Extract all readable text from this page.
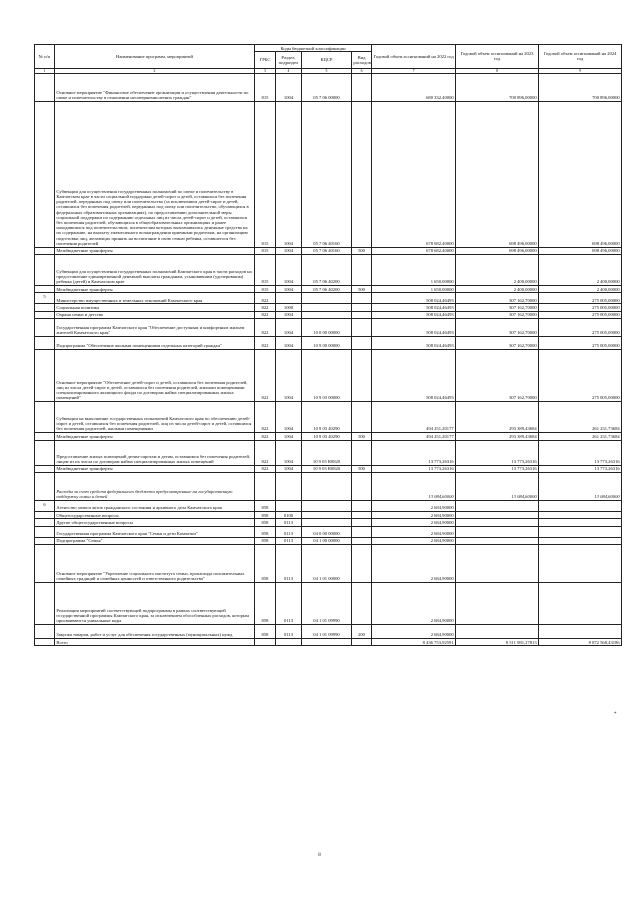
№ п/п	Наименование программ, мероприятий	Коды бюджетной классификации				Годовой объем ассигнований на 2022 год	Годовой объем ассигнований на 2023 год	Годовой объем ассигнований на 2024 год
		ГРБС	Раздел, подраздел	КЦСР	Вид расходов			
1	2	3	4	5	6	7	8	9
	Основное мероприятие "Финансовое обеспечение организации и осуществления деятельности по опеке и попечительству в отношении несовершеннолетних граждан"	815	1004	05 7 06 00000		680 332,40000	700 896,00000	700 896,00000
	Субвенции для осуществления государственных полномочий по опеке и попечительству в Камчатском крае в части социальной поддержки детей-сирот и детей, оставшихся без попечения родителей, переданных под опеку или попечительство (за исключением детей-сирот и детей, оставшихся без попечения родителей, переданных под опеку или попечительство, обучающихся в федеральных образовательных организациях), по предоставлению дополнительной меры социальной поддержки по содержанию отдельных лиц из числа детей-сирот и детей, оставшихся без попечения родителей, обучающихся в общеобразовательных организациях и ранее находившихся под попечительством, попечителям которых выплачивались денежные средства на их содержание, на выплату ежемесячного вознаграждения приемным родителям, на организацию подготовки лиц, желающих принять на воспитание в свою семью ребенка, оставшегося без попечения родителей	815	1004	05 7 06 40160		678 682,40000	698 496,00000	698 496,00000
	Межбюджетные трансферты	815	1004	05 7 06 40160	500	678 682,40000	698 496,00000	698 496,00000
	Субвенции для осуществления государственных полномочий Камчатского края в части расходов на предоставление единовременной денежной выплаты гражданам, усыновившим (удочерившим) ребенка (детей) в Камчатском крае	815	1004	05 7 06 40200		1 650,00000	2 400,00000	2 400,00000
	Межбюджетные трансферты	815	1004	05 7 06 40200	500	1 650,00000	2 400,00000	2 400,00000
5	Министерство имущественных и земельных отношений Камчатского края	822				508 024,46493	307 162,70000	275 005,00000
	Социальная политика	822	1000			508 024,46493	307 162,70000	275 005,00000
	Охрана семьи и детства	822	1004			508 024,46493	307 162,70000	275 005,00000
	Государственная программа Камчатского края "Обеспечение доступным и комфортным жильем жителей Камчатского края"	822	1004	10 0 00 00000		508 024,46493	307 162,70000	275 005,00000
	Подпрограмма "Обеспечение жилыми помещениями отдельных категорий граждан"	822	1004	10 9 00 00000		508 024,46493	307 162,70000	275 005,00000
	Основное мероприятие "Обеспечение детей-сирот и детей, оставшихся без попечения родителей, лиц из числа детей-сирот и детей, оставшихся без попечения родителей, жилыми помещениями специализированного жилищного фонда по договорам найма специализированных жилых помещений"	822	1004	10 9 03 00000		508 024,46493	307 162,70000	275 005,00000
	Субвенции на выполнение государственных полномочий Камчатского края по обеспечению детей-сирот и детей, оставшихся без попечения родителей, лиц из числа детей-сирот и детей, оставшихся без попечения родителей, жилыми помещениями	822	1004	10 9 03 40290		494 251,20177	293 389,43684	261 231,73684
	Межбюджетные трансферты	822	1004	10 9 03 40290	500	494 251,20177	293 389,43684	261 231,73684
	Предоставление жилых помещений детям-сиротам и детям, оставшимся без попечения родителей, лицам из их числа по договорам найма специализированных жилых помещений	822	1004	10 9 03 R0820		13 773,26316	13 773,26316	13 773,26316
	Межбюджетные трансферты	822	1004	10 9 03 R0820	500	13 773,26316	13 773,26316	13 773,26316
	Расходы за счет средств федерального бюджета предусмотренные на государственную поддержку семьи и детей					13 084,60000	13 084,60000	13 084,60000
6	Агентство записи актов гражданского состояния и архивного дела Камчатского края	858				2 684,90000		
	Общегосударственные вопросы	858	0100			2 684,90000		
	Другие общегосударственные вопросы	858	0113			2 684,90000		
	Государственная программа Камчатского края "Семья и дети Камчатки"	858	0113	04 0 00 00000		2 684,90000		
	Подпрограмма "Семья"	858	0113	04 1 00 00000		2 684,90000		
	Основное мероприятие "Укрепление социального института семьи, пропаганда положительных семейных традиций и семейных ценностей и ответственного родительства"	858	0113	04 1 01 00000		2 684,90000		
	Реализация мероприятий соответствующей подпрограммы в рамках соответствующей государственной программы Камчатского края, за исключением обособленных расходов, которым присваиваются уникальные коды	858	0113	04 1 01 09990		2 684,90000		
	Закупка товаров, работ и услуг для обеспечения государственных (муниципальных) нужд	858	0113	04 1 01 09990	200	2 684,90000		
	Всего					8 436 753,92591	8 511 981,27813	8 872 568,43186
*
8
